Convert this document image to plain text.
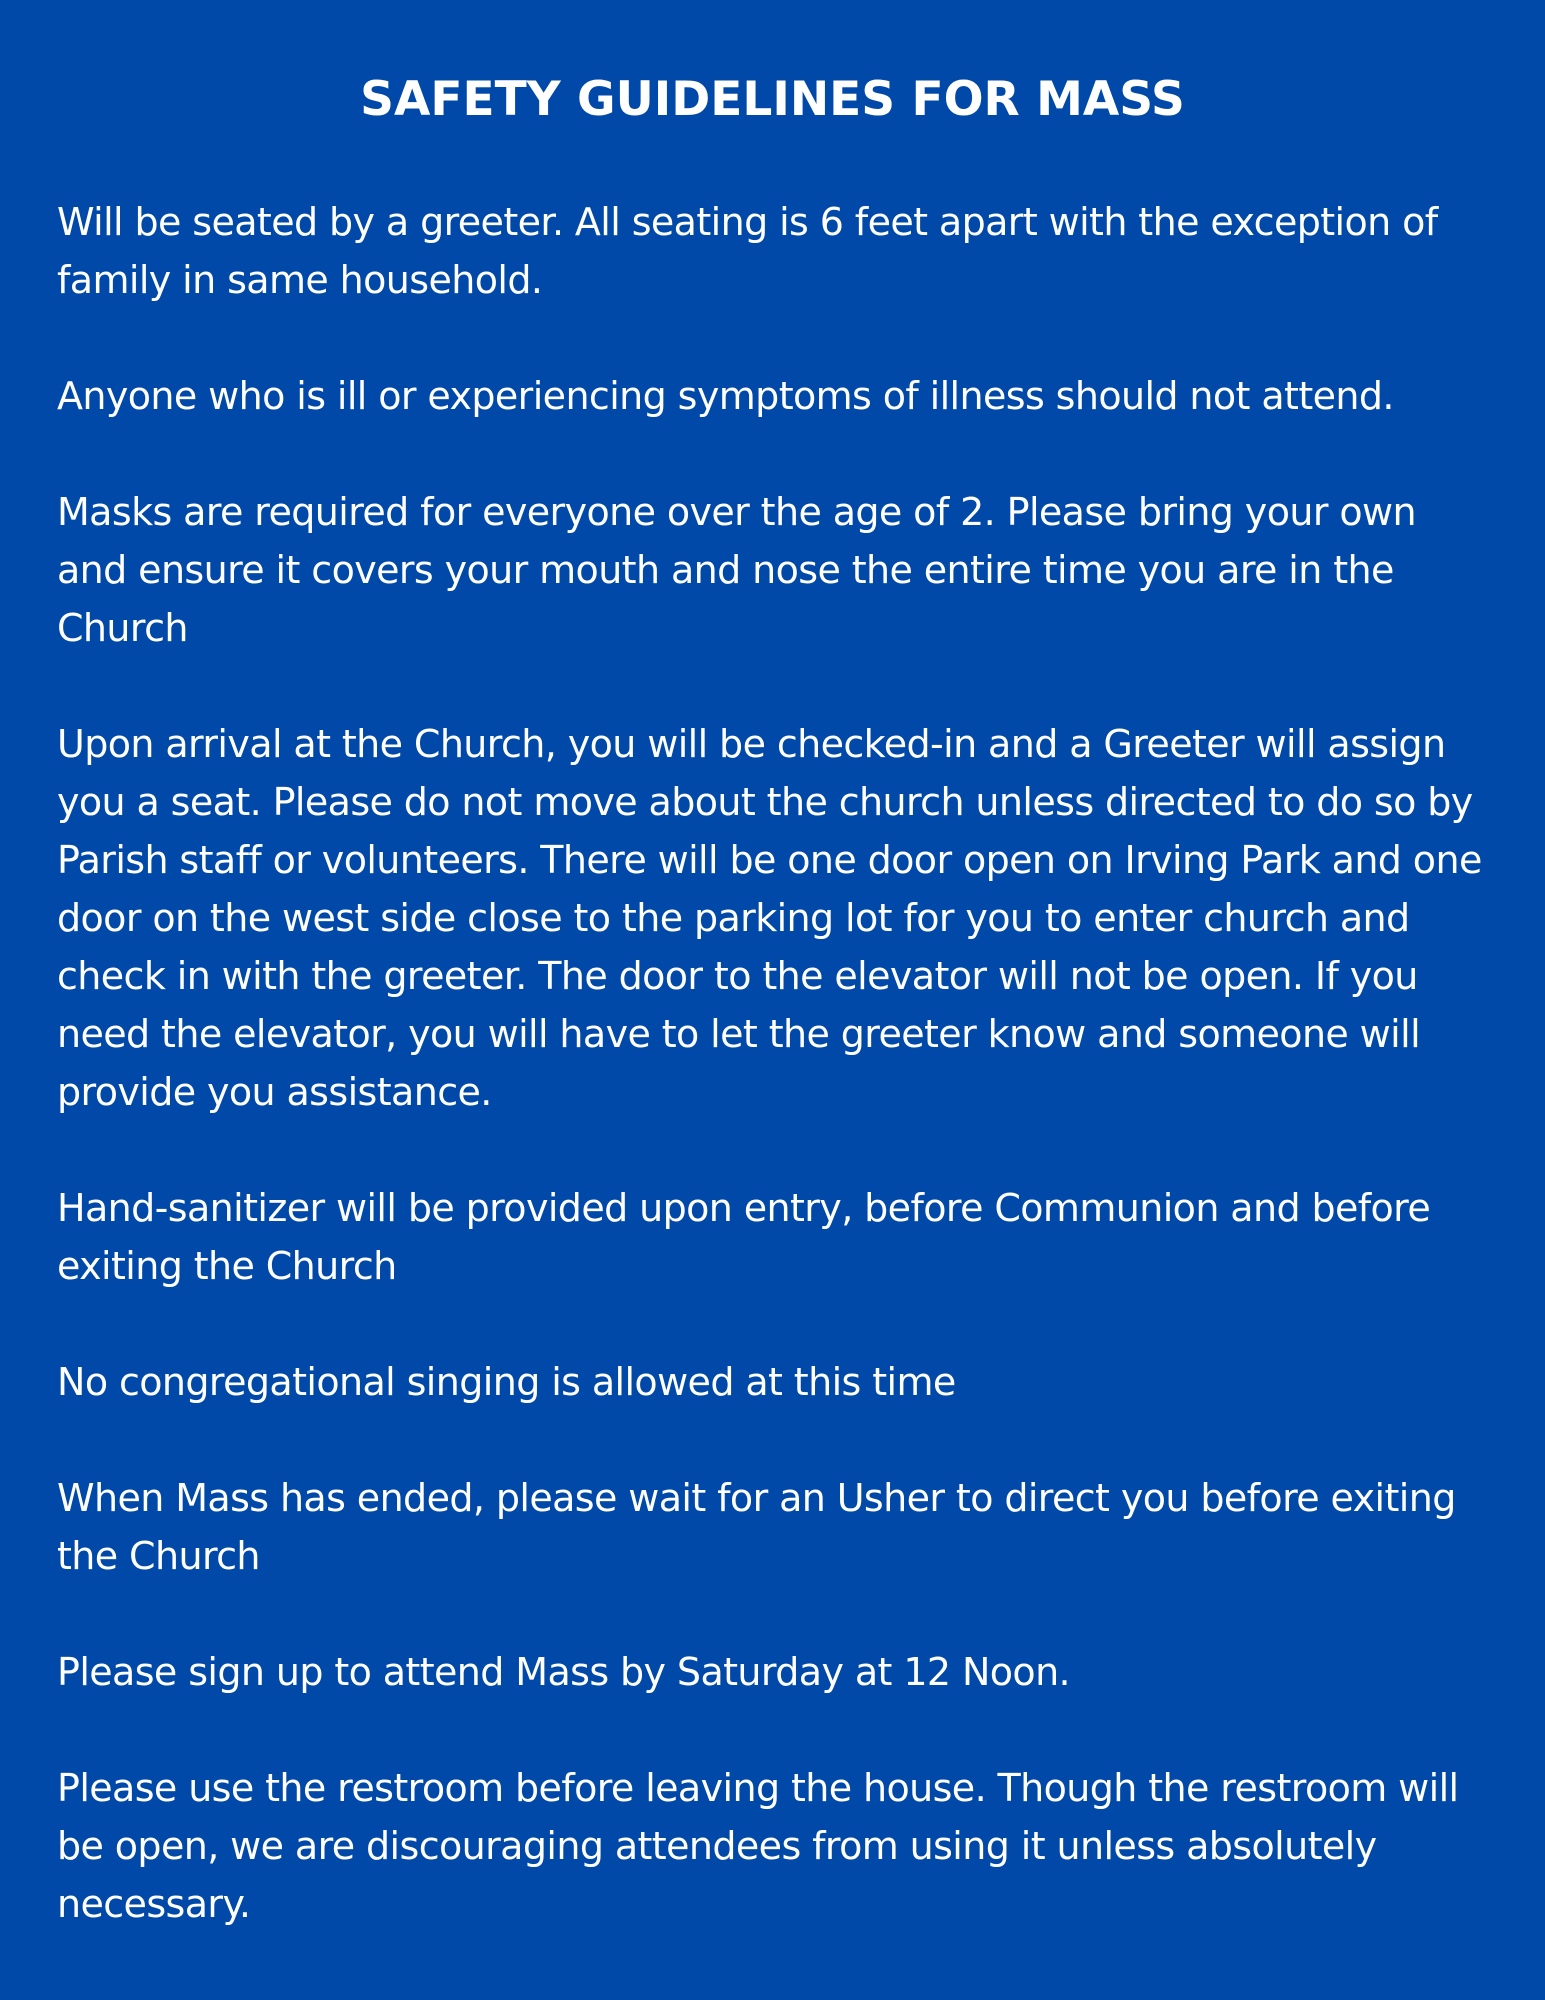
SAFETY GUIDELINES FOR MASS

Will be seated by a greeter. All seating is 6 feet apart with the exception of family in same household.

Anyone who is ill or experiencing symptoms of illness should not attend.

Masks are required for everyone over the age of 2. Please bring your own and ensure it covers your mouth and nose the entire time you are in the Church

Upon arrival at the Church, you will be checked-in and a Greeter will assign you a seat. Please do not move about the church unless directed to do so by Parish staff or volunteers. There will be one door open on Irving Park and one door on the west side close to the parking lot for you to enter church and check in with the greeter. The door to the elevator will not be open. If you need the elevator, you will have to let the greeter know and someone will provide you assistance.

Hand-sanitizer will be provided upon entry, before Communion and before exiting the Church

No congregational singing is allowed at this time

When Mass has ended, please wait for an Usher to direct you before exiting the Church

Please sign up to attend Mass by Saturday at 12 Noon.

Please use the restroom before leaving the house. Though the restroom will be open, we are discouraging attendees from using it unless absolutely necessary.
